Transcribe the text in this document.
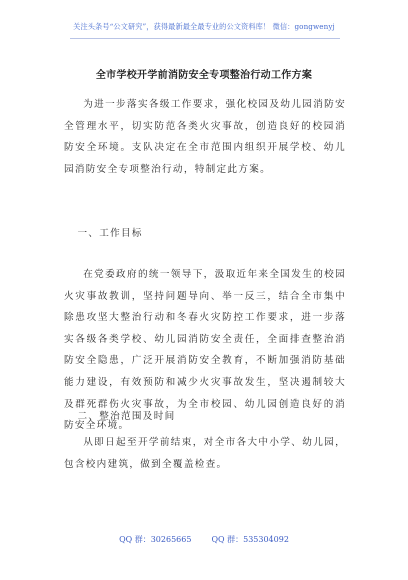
关注头条号“公文研究”，获得最新最全最专业的公文资料库！ 微信：gongwenyj
全市学校开学前消防安全专项整治行动工作方案
为进一步落实各级工作要求，强化校园及幼儿园消防安全管理水平，切实防范各类火灾事故，创造良好的校园消防安全环境。支队决定在全市范围内组织开展学校、幼儿园消防安全专项整治行动，特制定此方案。
一、工作目标
在党委政府的统一领导下，汲取近年来全国发生的校园火灾事故教训，坚持问题导向、举一反三，结合全市集中除患攻坚大整治行动和冬春火灾防控工作要求，进一步落实各级各类学校、幼儿园消防安全责任，全面排查整治消防安全隐患，广泛开展消防安全教育，不断加强消防基础能力建设，有效预防和减少火灾事故发生，坚决遏制较大及群死群伤火灾事故，为全市校园、幼儿园创造良好的消防安全环境。
二、整治范围及时间
从即日起至开学前结束，对全市各大中小学、幼儿园，包含校内建筑，做到全覆盖检查。
QQ 群：30265665	QQ 群：535304092
